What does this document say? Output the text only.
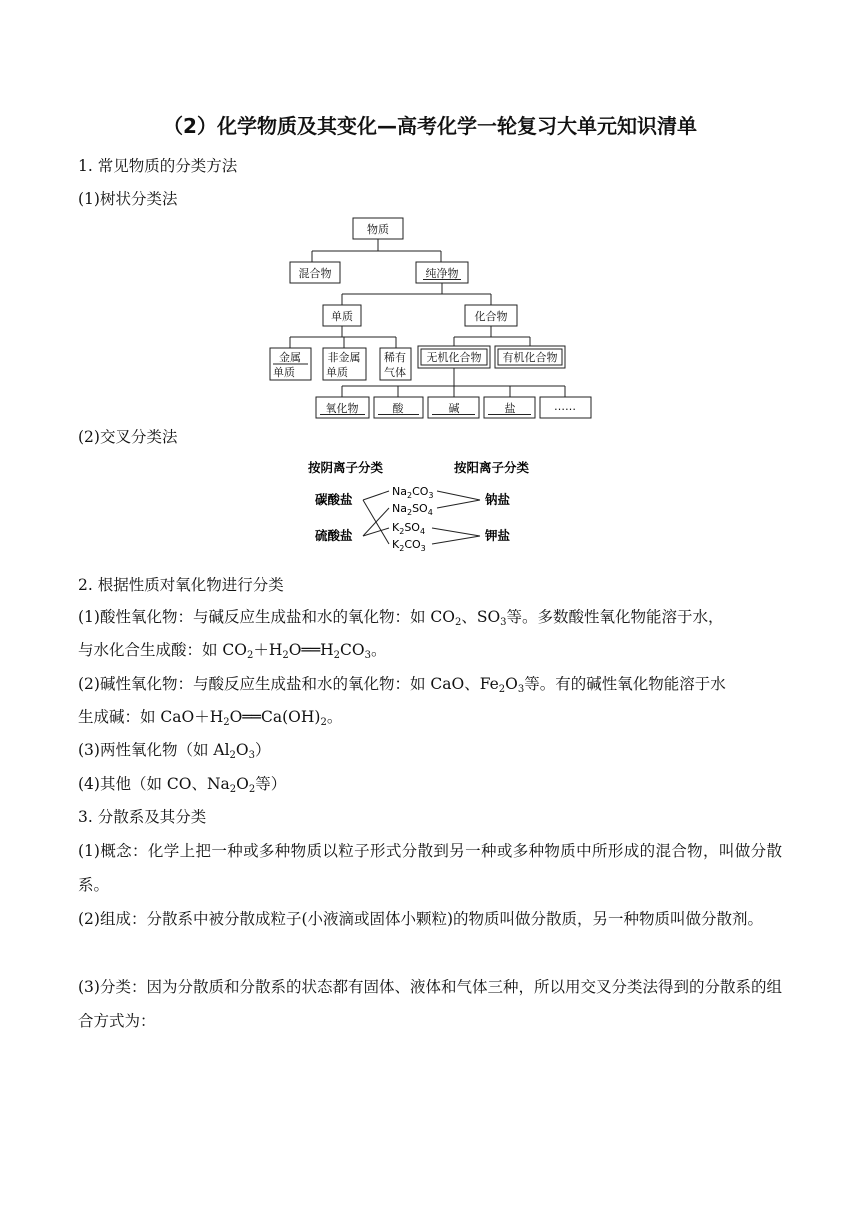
（2）化学物质及其变化—高考化学一轮复习大单元知识清单

1. 常见物质的分类方法

(1)树状分类法

物质
混合物	纯净物
单质	化合物
金属
单质
非金属
单质
稀有
气体
无机化合物 有机化合物
氧化物	酸	碱	盐	……

(2)交叉分类法

按阴离子分类	按阳离子分类
碳酸盐
硫酸盐
钠盐
钾盐
$Na_2CO_3$
$Na_2SO_4$
$K_2SO_4$
$K_2CO_3$

2. 根据性质对氧化物进行分类

(1)酸性氧化物：与碱反应生成盐和水的氧化物：如 $CO_2$、$SO_3$等。多数酸性氧化物能溶于水，

与水化合生成酸：如 $CO_2+H_2O══H_2CO_3$。

(2)碱性氧化物：与酸反应生成盐和水的氧化物：如 CaO、$Fe_2O_3$等。有的碱性氧化物能溶于水

生成碱：如 $CaO+H_2O══Ca(OH)_2$。

(3)两性氧化物（如 $Al_2O_3$）

(4)其他（如 CO、$Na_2O_2$等）

3. 分散系及其分类

(1)概念：化学上把一种或多种物质以粒子形式分散到另一种或多种物质中所形成的混合物，叫做分散系。

(2)组成：分散系中被分散成粒子(小液滴或固体小颗粒)的物质叫做分散质，另一种物质叫做分散剂。

(3)分类：因为分散质和分散系的状态都有固体、液体和气体三种，所以用交叉分类法得到的分散系的组合方式为：
